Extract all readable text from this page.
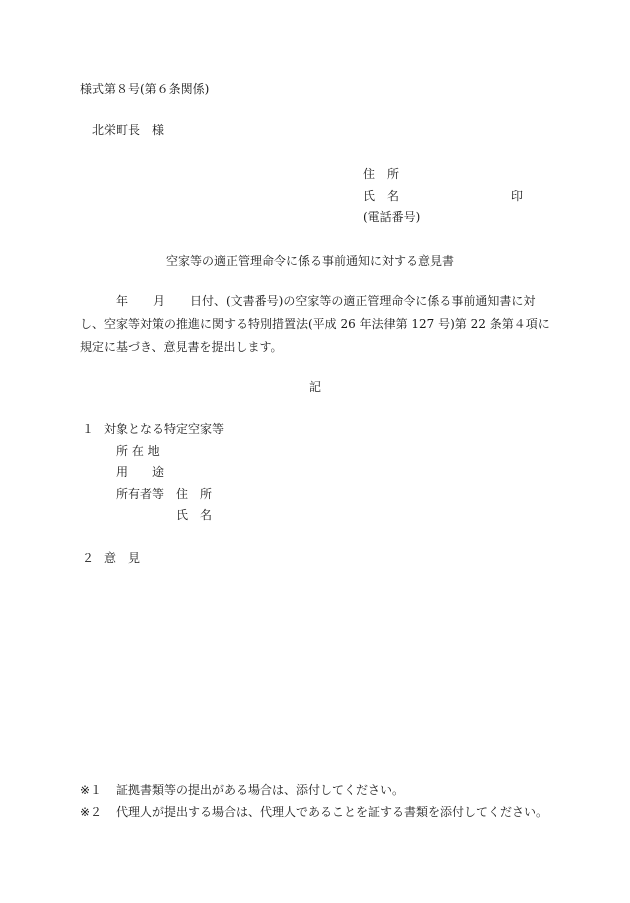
様式第８号(第６条関係)
北栄町長　様
住　所
氏　名	印
(電話番号)
空家等の適正管理命令に係る事前通知に対する意見書
年 月 日付、(文書番号)の空家等の適正管理命令に係る事前通知書に対
し、空家等対策の推進に関する特別措置法(平成 26 年法律第 127 号)第 22 条第４項に
規定に基づき、意見書を提出します。
記
１ 対象となる特定空家等
所 在 地
用　　途
所有者等 住　所
氏　名
２ 意　見
※１ 証拠書類等の提出がある場合は、添付してください。
※２ 代理人が提出する場合は、代理人であることを証する書類を添付してください。
